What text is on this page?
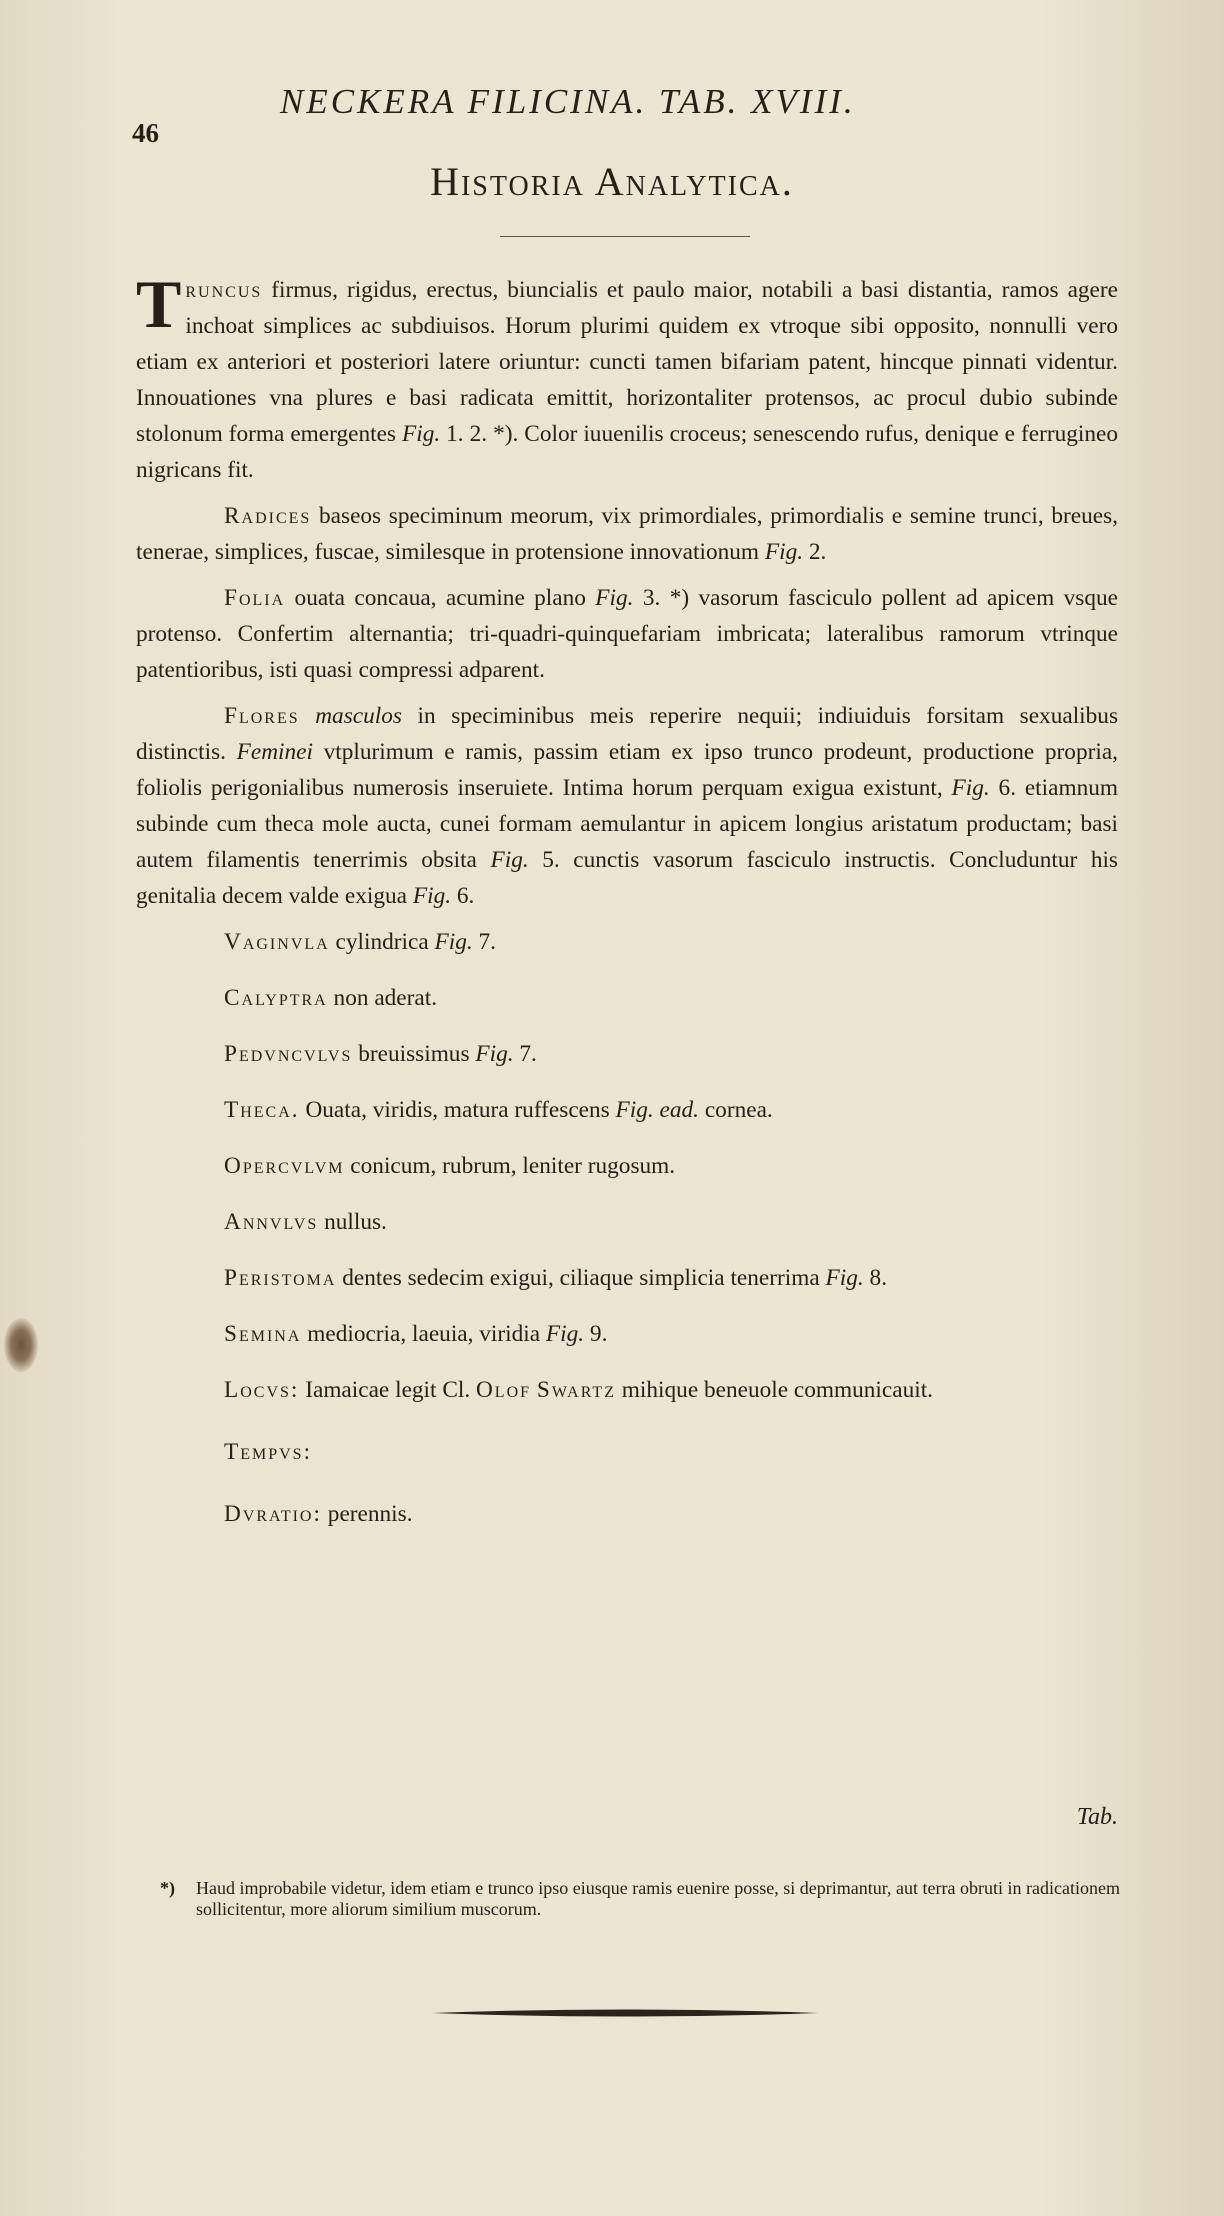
46
NECKERA FILICINA. TAB. XVIII.
Historia Analytica.

Truncus firmus, rigidus, erectus, biuncialis et paulo maior, notabili a basi distantia, ramos agere inchoat simplices ac subdiuisos. Horum plurimi quidem ex vtroque sibi opposito, nonnulli vero etiam ex anteriori et posteriori latere oriuntur: cuncti tamen bifariam patent, hincque pinnati videntur. Innouationes vna plures e basi radicata emittit, horizontaliter protensos, ac procul dubio subinde stolonum forma emergentes Fig. 1. 2. *). Color iuuenilis croceus; senescendo rufus, denique e ferrugineo nigricans fit.

Radices baseos speciminum meorum, vix primordiales, primordialis e semine trunci, breues, tenerae, simplices, fuscae, similesque in protensione innovationum Fig. 2.

Folia ouata concaua, acumine plano Fig. 3. *) vasorum fasciculo pollent ad apicem vsque protenso. Confertim alternantia; tri-quadri-quinquefariam imbricata; lateralibus ramorum vtrinque patentioribus, isti quasi compressi adparent.

Flores masculos in speciminibus meis reperire nequii; indiuiduis forsitam sexualibus distinctis. Feminei vtplurimum e ramis, passim etiam ex ipso trunco prodeunt, productione propria, foliolis perigonialibus numerosis inseruiete. Intima horum perquam exigua existunt, Fig. 6. etiamnum subinde cum theca mole aucta, cunei formam aemulantur in apicem longius aristatum productam; basi autem filamentis tenerrimis obsita Fig. 5. cunctis vasorum fasciculo instructis. Concluduntur his genitalia decem valde exigua Fig. 6.

Vaginvla cylindrica Fig. 7.

Calyptra non aderat.

Pedvncvlvs breuissimus Fig. 7.

Theca. Ouata, viridis, matura ruffescens Fig. ead. cornea.

Opercvlvm conicum, rubrum, leniter rugosum.

Annvlvs nullus.

Peristoma dentes sedecim exigui, ciliaque simplicia tenerrima Fig. 8.

Semina mediocria, laeuia, viridia Fig. 9.

Locvs: Iamaicae legit Cl. Olof Swartz mihique beneuole communicauit.

Tempvs:

Dvratio: perennis.

Tab.
*) Haud improbabile videtur, idem etiam e trunco ipso eiusque ramis euenire posse, si deprimantur, aut terra obruti in radicationem sollicitentur, more aliorum similium muscorum.
